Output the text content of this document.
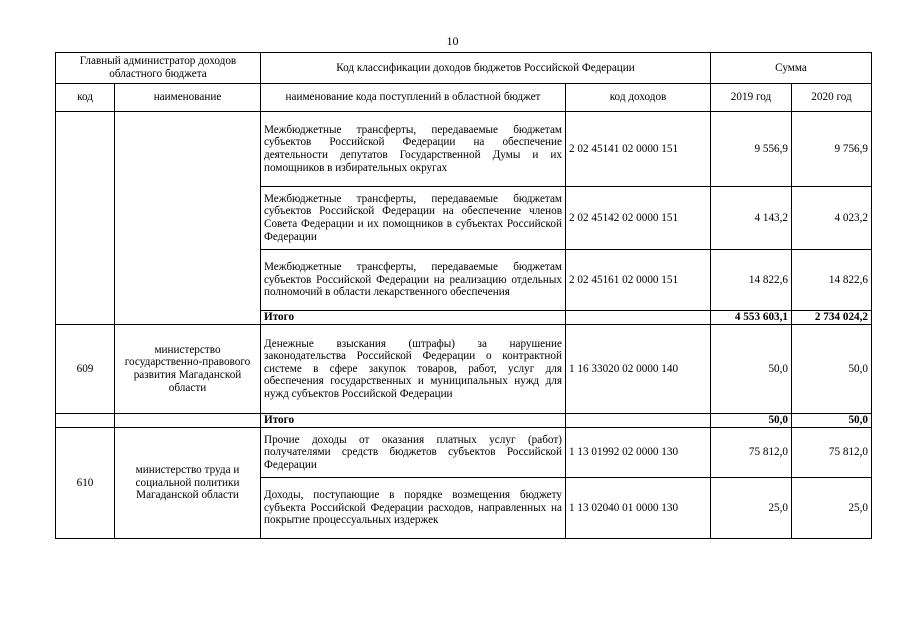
10
Главный администратор доходов областного бюджета		Код классификации доходов бюджетов Российской Федерации		Сумма	
код	наименование	наименование кода поступлений в областной бюджет	код доходов	2019 год	2020 год
		Межбюджетные трансферты, передаваемые бюджетам субъектов Российской Федерации на обеспечение деятельности депутатов Государственной Думы и их помощников в избирательных округах	2 02 45141 02 0000 151	9 556,9	9 756,9
		Межбюджетные трансферты, передаваемые бюджетам субъектов Российской Федерации на обеспечение членов Совета Федерации и их помощников в субъектах Российской Федерации	2 02 45142 02 0000 151	4 143,2	4 023,2
		Межбюджетные трансферты, передаваемые бюджетам субъектов Российской Федерации на реализацию отдельных полномочий в области лекарственного обеспечения	2 02 45161 02 0000 151	14 822,6	14 822,6
		Итого		4 553 603,1	2 734 024,2
609	министерство государственно-правового развития Магаданской области	Денежные взыскания (штрафы) за нарушение законодательства Российской Федерации о контрактной системе в сфере закупок товаров, работ, услуг для обеспечения государственных и муниципальных нужд для нужд субъектов Российской Федерации	1 16 33020 02 0000 140	50,0	50,0
		Итого		50,0	50,0
610	министерство труда и социальной политики Магаданской области	Прочие доходы от оказания платных услуг (работ) получателями средств бюджетов субъектов Российской Федерации	1 13 01992 02 0000 130	75 812,0	75 812,0
		Доходы, поступающие в порядке возмещения бюджету субъекта Российской Федерации расходов, направленных на покрытие процессуальных издержек	1 13 02040 01 0000 130	25,0	25,0
